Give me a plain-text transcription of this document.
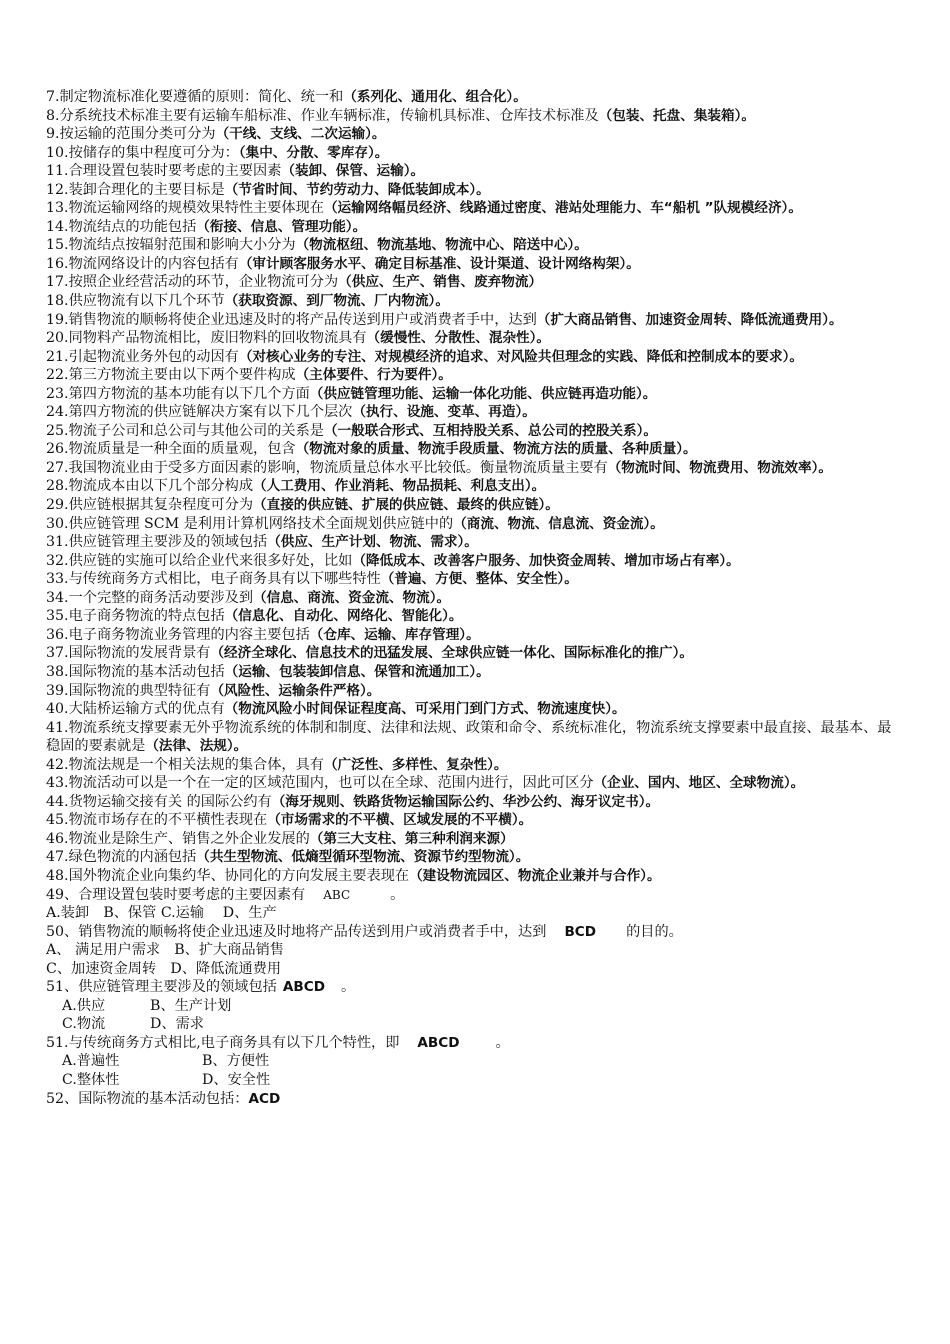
7.制定物流标准化要遵循的原则：简化、统一和（系列化、通用化、组合化）。
8.分系统技术标准主要有运输车船标准、作业车辆标准，传输机具标准、仓库技术标准及（包装、托盘、集装箱）。
9.按运输的范围分类可分为（干线、支线、二次运输）。
10.按储存的集中程度可分为：（集中、分散、零库存）。
11.合理设置包装时要考虑的主要因素（装卸、保管、运输）。
12.装卸合理化的主要目标是（节省时间、节约劳动力、降低装卸成本）。
13.物流运输网络的规模效果特性主要体现在（运输网络幅员经济、线路通过密度、港站处理能力、车“船机 ”队规模经济）。
14.物流结点的功能包括（衔接、信息、管理功能）。
15.物流结点按辐射范围和影响大小分为（物流枢纽、物流基地、物流中心、陪送中心）。
16.物流网络设计的内容包括有（审计顾客服务水平、确定目标基准、设计渠道、设计网络构架）。
17.按照企业经营活动的环节，企业物流可分为（供应、生产、销售、废弃物流）
18.供应物流有以下几个环节（获取资源、到厂物流、厂内物流）。
19.销售物流的顺畅将使企业迅速及时的将产品传送到用户或消费者手中，达到（扩大商品销售、加速资金周转、降低流通费用）。
20.同物料产品物流相比，废旧物料的回收物流具有（缓慢性、分散性、混杂性）。
21.引起物流业务外包的动因有（对核心业务的专注、对规模经济的追求、对风险共但理念的实践、降低和控制成本的要求）。
22.第三方物流主要由以下两个要件构成（主体要件、行为要件）。
23.第四方物流的基本功能有以下几个方面（供应链管理功能、运输一体化功能、供应链再造功能）。
24.第四方物流的供应链解决方案有以下几个层次（执行、设施、变革、再造）。
25.物流子公司和总公司与其他公司的关系是（一般联合形式、互相持股关系、总公司的控股关系）。
26.物流质量是一种全面的质量观，包含（物流对象的质量、物流手段质量、物流方法的质量、各种质量）。
27.我国物流业由于受多方面因素的影响，物流质量总体水平比较低。衡量物流质量主要有（物流时间、物流费用、物流效率）。
28.物流成本由以下几个部分构成（人工费用、作业消耗、物品损耗、利息支出）。
29.供应链根据其复杂程度可分为（直接的供应链、扩展的供应链、最终的供应链）。
30.供应链管理 SCM 是利用计算机网络技术全面规划供应链中的（商流、物流、信息流、资金流）。
31.供应链管理主要涉及的领域包括（供应、生产计划、物流、需求）。
32.供应链的实施可以给企业代来很多好处，比如（降低成本、改善客户服务、加快资金周转、增加市场占有率）。
33.与传统商务方式相比，电子商务具有以下哪些特性（普遍、方便、整体、安全性）。
34.一个完整的商务活动要涉及到（信息、商流、资金流、物流）。
35.电子商务物流的特点包括（信息化、自动化、网络化、智能化）。
36.电子商务物流业务管理的内容主要包括（仓库、运输、库存管理）。
37.国际物流的发展背景有（经济全球化、信息技术的迅猛发展、全球供应链一体化、国际标准化的推广）。
38.国际物流的基本活动包括（运输、包装装卸信息、保管和流通加工）。
39.国际物流的典型特征有（风险性、运输条件严格）。
40.大陆桥运输方式的优点有（物流风险小时间保证程度高、可采用门到门方式、物流速度快）。
41.物流系统支撑要素无外乎物流系统的体制和制度、法律和法规、政策和命令、系统标准化，物流系统支撑要素中最直接、最基本、最稳固的要素就是（法律、法规）。
42.物流法规是一个相关法规的集合体，具有（广泛性、多样性、复杂性）。
43.物流活动可以是一个在一定的区域范围内，也可以在全球、范围内进行，因此可区分（企业、国内、地区、全球物流）。
44.货物运输交接有关 的国际公约有（海牙规则、铁路货物运输国际公约、华沙公约、海牙议定书）。
45.物流市场存在的不平横性表现在（市场需求的不平横、区域发展的不平横）。
46.物流业是除生产、销售之外企业发展的（第三大支柱、第三种利润来源）
47.绿色物流的内涵包括（共生型物流、低熵型循环型物流、资源节约型物流）。
48.国外物流企业向集约华、协同化的方向发展主要表现在（建设物流园区、物流企业兼并与合作）。
49、合理设置包装时要考虑的主要因素有 ABC	。
A.装卸　B、保管 C.运输　 D、生产
50、销售物流的顺畅将使企业迅速及时地将产品传送到用户或消费者手中，达到 BCD 的目的。
A、 满足用户需求　B、扩大商品销售
C、加速资金周转　D、降低流通费用
51、供应链管理主要涉及的领域包括 ABCD 。
A.供应	B、生产计划
C.物流	D、需求
51.与传统商务方式相比,电子商务具有以下几个特性，即 ABCD	。
A.普遍性	B、方便性
C.整体性	D、安全性
52、国际物流的基本活动包括：ACD
